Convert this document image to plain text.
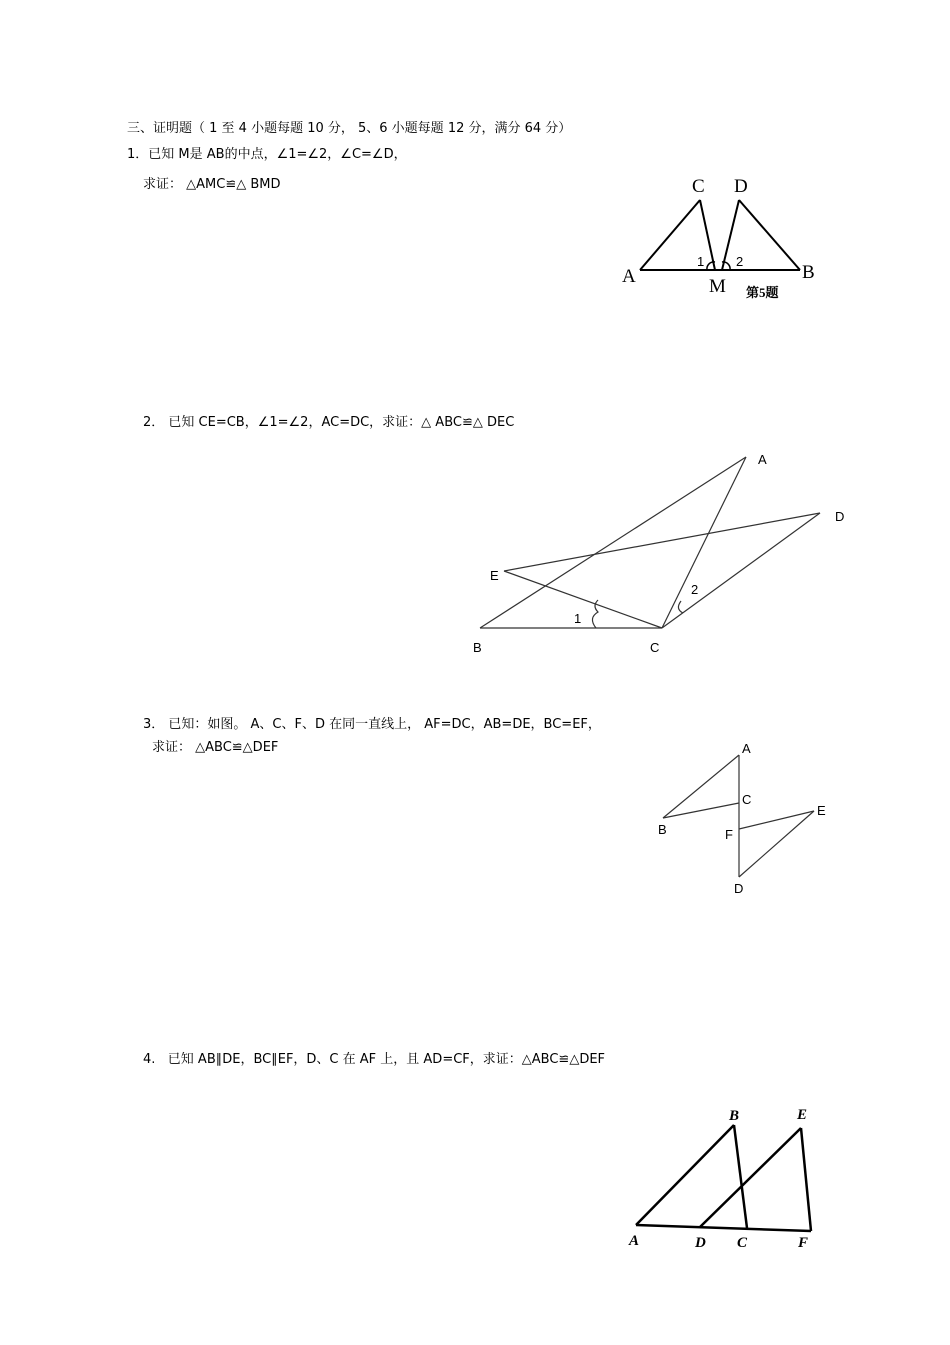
三、证明题（ 1 至 4 小题每题 10 分， 5、6 小题每题 12 分，满分 64 分）
1．已知 M是 AB的中点，∠1=∠2，∠C=∠D，
求证： △AMC≌△ BMD	C D
A
1 2
B
M 第5题
2． 已知 CE=CB，∠1=∠2，AC=DC，求证：△ ABC≌△ DEC
A
D
E
2
1
B	C
3． 已知：如图。 A、C、F、D 在同一直线上， AF=DC，AB=DE，BC=EF，
求证： △ABC≌△DEF	A
C
E
B	F
D
4.   已知 AB∥DE，BC∥EF，D、C 在 AF 上，且 AD=CF，求证：△ABC≌△DEF
B	E
A	D C	F
